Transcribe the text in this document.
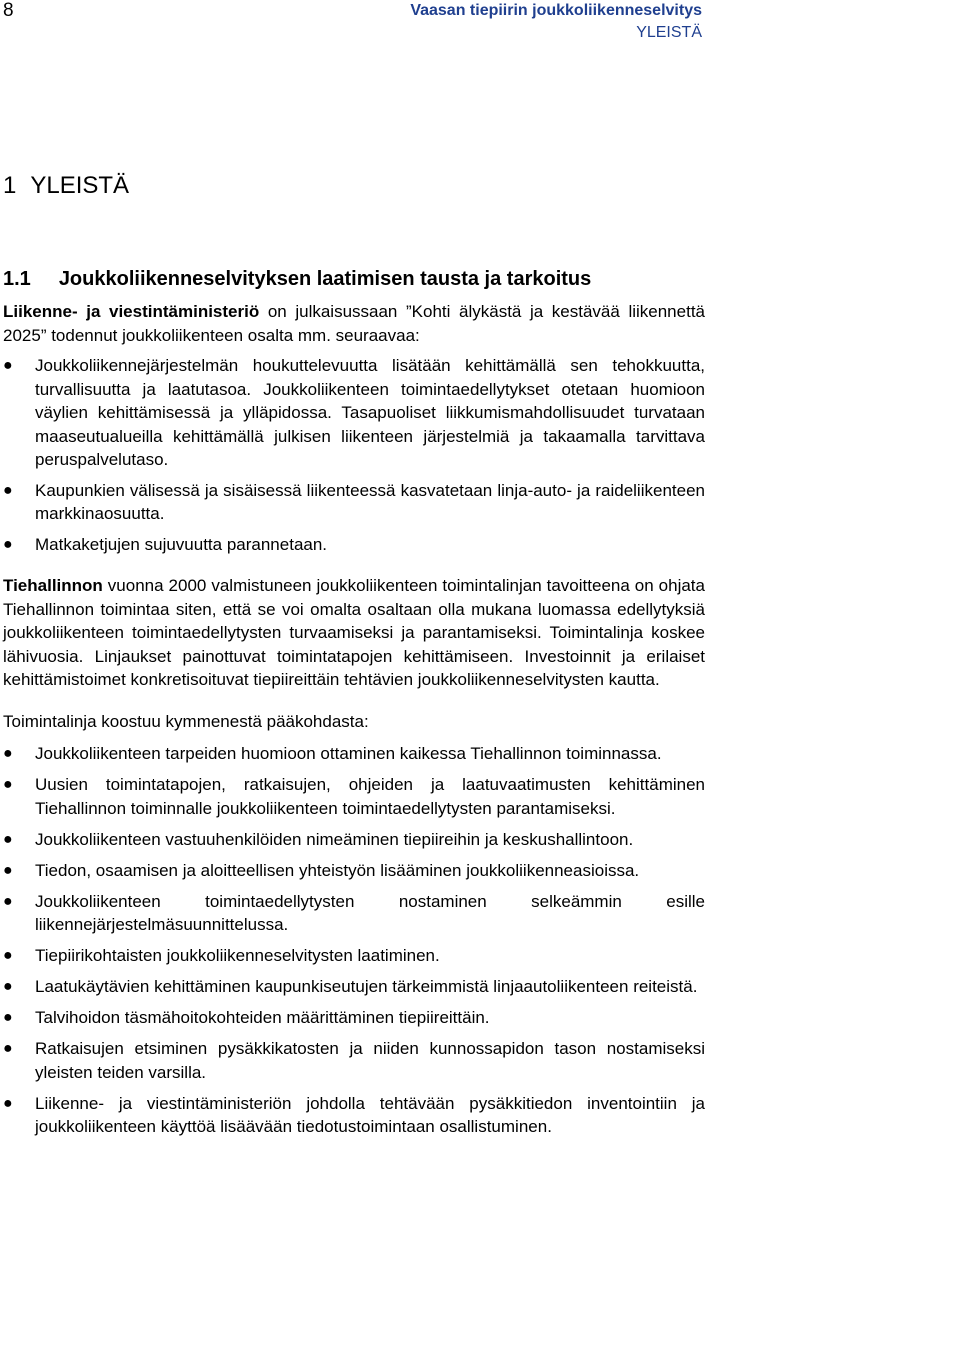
8	Vaasan tiepiirin joukkoliikenneselvitys
YLEISTÄ
1 YLEISTÄ
1.1 Joukkoliikenneselvityksen laatimisen tausta ja tarkoitus

Liikenne- ja viestintäministeriö on julkaisussaan ”Kohti älykästä ja kestävää liikennettä 2025” todennut joukkoliikenteen osalta mm. seuraavaa:

● Joukkoliikennejärjestelmän houkuttelevuutta lisätään kehittämällä sen tehokkuutta, turvallisuutta ja laatutasoa. Joukkoliikenteen toimintaedellytykset otetaan huomioon väylien kehittämisessä ja ylläpidossa. Tasapuoliset liikkumismahdollisuudet turvataan maaseutualueilla kehittämällä julkisen liikenteen järjestelmiä ja takaamalla tarvittava peruspalvelutaso.
● Kaupunkien välisessä ja sisäisessä liikenteessä kasvatetaan linja-auto- ja raideliikenteen markkinaosuutta.
● Matkaketjujen sujuvuutta parannetaan.

Tiehallinnon vuonna 2000 valmistuneen joukkoliikenteen toimintalinjan tavoitteena on ohjata Tiehallinnon toimintaa siten, että se voi omalta osaltaan olla mukana luomassa edellytyksiä joukkoliikenteen toimintaedellytysten turvaamiseksi ja parantamiseksi. Toimintalinja koskee lähivuosia. Linjaukset painottuvat toimintatapojen kehittämiseen. Investoinnit ja erilaiset kehittämistoimet konkretisoituvat tiepiireittäin tehtävien joukkoliikenneselvitysten kautta.

Toimintalinja koostuu kymmenestä pääkohdasta:

● Joukkoliikenteen tarpeiden huomioon ottaminen kaikessa Tiehallinnon toiminnassa.
● Uusien toimintatapojen, ratkaisujen, ohjeiden ja laatuvaatimusten kehittäminen Tiehallinnon toiminnalle joukkoliikenteen toimintaedellytysten parantamiseksi.
● Joukkoliikenteen vastuuhenkilöiden nimeäminen tiepiireihin ja keskushallintoon.
● Tiedon, osaamisen ja aloitteellisen yhteistyön lisääminen joukkoliikenneasioissa.
● Joukkoliikenteen toimintaedellytysten nostaminen selkeämmin esille liikennejärjestelmäsuunnittelussa.
● Tiepiirikohtaisten joukkoliikenneselvitysten laatiminen.
● Laatukäytävien kehittäminen kaupunkiseutujen tärkeimmistä linjaautoliikenteen reiteistä.
● Talvihoidon täsmähoitokohteiden määrittäminen tiepiireittäin.
● Ratkaisujen etsiminen pysäkkikatosten ja niiden kunnossapidon tason nostamiseksi yleisten teiden varsilla.
● Liikenne- ja viestintäministeriön johdolla tehtävään pysäkkitiedon inventointiin ja joukkoliikenteen käyttöä lisäävään tiedotustoimintaan osallistuminen.
